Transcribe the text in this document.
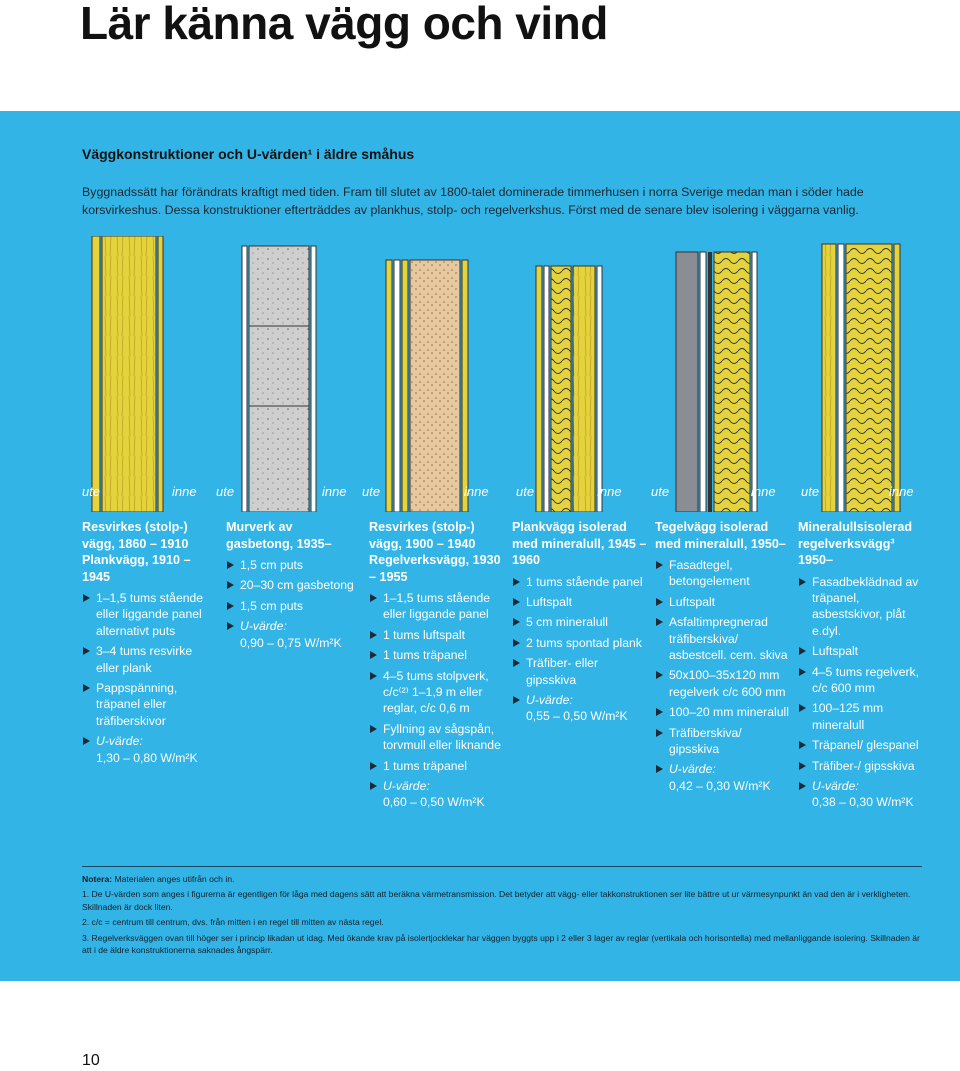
Lär känna vägg och vind
Väggkonstruktioner och U-värden¹ i äldre småhus
Byggnadssätt har förändrats kraftigt med tiden. Fram till slutet av 1800-talet dominerade timmerhusen i norra Sverige medan man i söder hade korsvirkeshus. Dessa konstruktioner efterträddes av plankhus, stolp- och regelverkshus. Först med de senare blev isolering i väggarna vanlig.
ute	inne ute	inne ute	inne ute	inne ute	inne ute	inne
Resvirkes (stolp-) vägg, 1860 – 1910 Plankvägg, 1910 – 1945
1–1,5 tums stående eller liggande panel alternativt puts
3–4 tums resvirke eller plank
Pappspänning, träpanel eller träfiberskivor
U-värde:
1,30 – 0,80 W/m²K
Murverk av gasbetong, 1935–
1,5 cm puts
20–30 cm gasbetong
1,5 cm puts
U-värde:
0,90 – 0,75 W/m²K
Resvirkes (stolp-) vägg, 1900 – 1940 Regelverksvägg, 1930 – 1955
1–1,5 tums stående eller liggande panel
1 tums luftspalt
1 tums träpanel
4–5 tums stolpverk, c/c⁽²⁾ 1–1,9 m eller reglar, c/c 0,6 m
Fyllning av sågspån, torvmull eller liknande
1 tums träpanel
U-värde:
0,60 – 0,50 W/m²K
Plankvägg isolerad med mineralull, 1945 – 1960
1 tums stående panel
Luftspalt
5 cm mineralull
2 tums spontad plank
Träfiber- eller gipsskiva
U-värde:
0,55 – 0,50 W/m²K
Tegelvägg isolerad med mineralull, 1950–
Fasadtegel, betongelement
Luftspalt
Asfaltimpregnerad träfiberskiva/ asbestcell. cem. skiva
50x100–35x120 mm regelverk c/c 600 mm
100–20 mm mineralull
Träfiberskiva/ gipsskiva
U-värde:
0,42 – 0,30 W/m²K
Mineralullsisolerad regelverksvägg³ 1950–
Fasadbeklädnad av träpanel, asbestskivor, plåt e.dyl.
Luftspalt
4–5 tums regelverk, c/c 600 mm
100–125 mm mineralull
Träpanel/ glespanel
Träfiber-/ gipsskiva
U-värde:
0,38 – 0,30 W/m²K

Notera: Materialen anges utifrån och in.

1. De U-värden som anges i figurerna är egentligen för låga med dagens sätt att beräkna värmetransmission. Det betyder att vägg- eller takkonstruktionen ser lite bättre ut ur värmesynpunkt än vad den är i verkligheten. Skillnaden är dock liten.

2. c/c = centrum till centrum, dvs. från mitten i en regel till mitten av nästa regel.

3. Regelverksväggen ovan till höger ser i princip likadan ut idag. Med ökande krav på isolertjocklekar har väggen byggts upp i 2 eller 3 lager av reglar (vertikala och horisontella) med mellanliggande isolering. Skillnaden är att i de äldre konstruktionerna saknades ångspärr.

10
